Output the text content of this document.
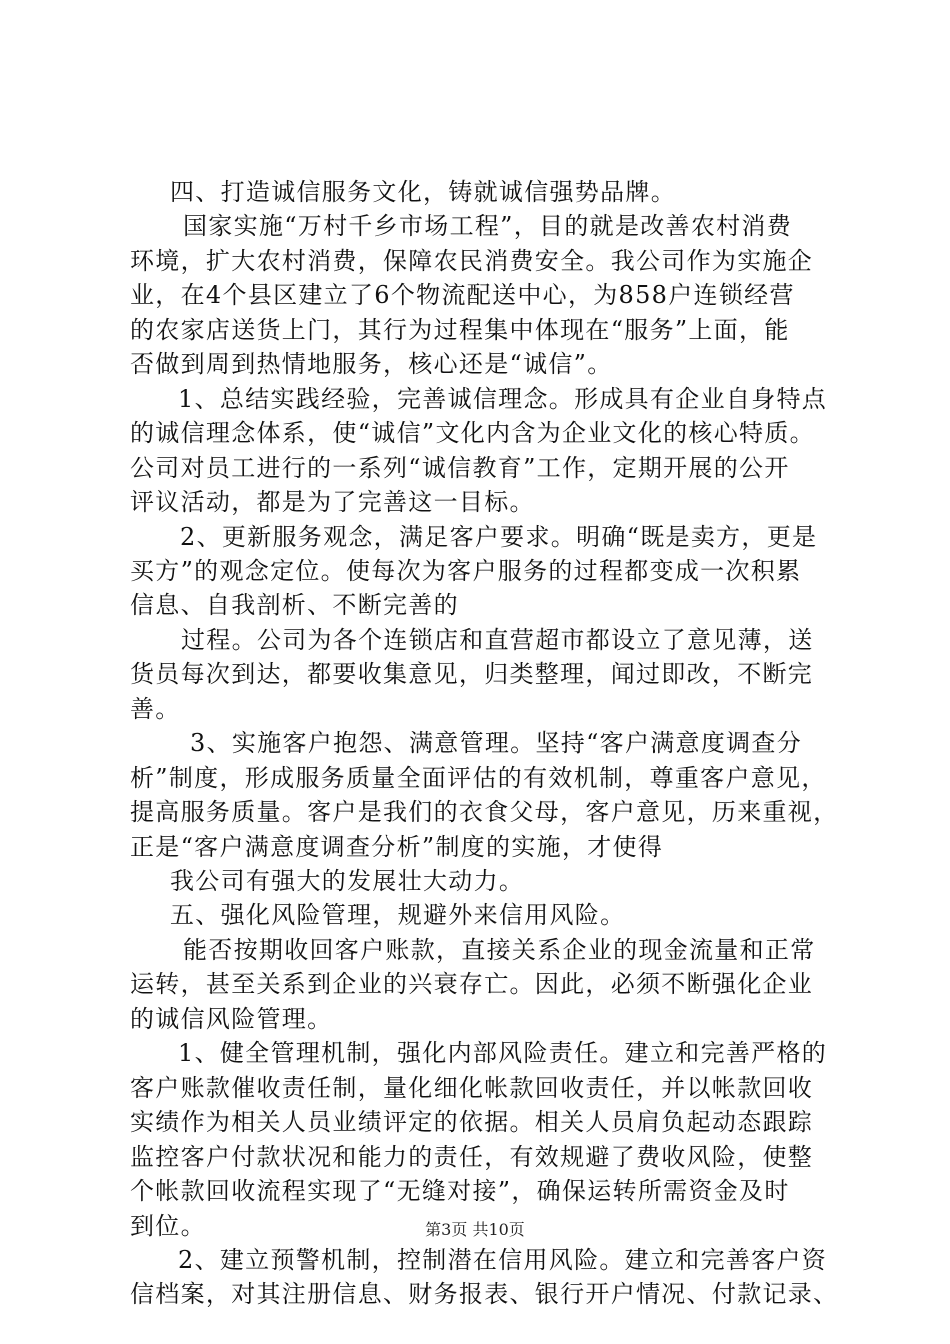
四、打造诚信服务文化，铸就诚信强势品牌。
国家实施“万村千乡市场工程”，目的就是改善农村消费
环境，扩大农村消费，保障农民消费安全。我公司作为实施企
业，在4个县区建立了6个物流配送中心，为858户连锁经营
的农家店送货上门，其行为过程集中体现在“服务”上面，能
否做到周到热情地服务，核心还是“诚信”。
1、总结实践经验，完善诚信理念。形成具有企业自身特点
的诚信理念体系，使“诚信”文化内含为企业文化的核心特质。
公司对员工进行的一系列“诚信教育”工作，定期开展的公开
评议活动，都是为了完善这一目标。
2、更新服务观念，满足客户要求。明确“既是卖方，更是
买方”的观念定位。使每次为客户服务的过程都变成一次积累
信息、自我剖析、不断完善的
过程。公司为各个连锁店和直营超市都设立了意见薄，送
货员每次到达，都要收集意见，归类整理，闻过即改，不断完
善。
3、实施客户抱怨、满意管理。坚持“客户满意度调查分
析”制度，形成服务质量全面评估的有效机制，尊重客户意见，
提高服务质量。客户是我们的衣食父母，客户意见，历来重视，
正是“客户满意度调查分析”制度的实施，才使得
我公司有强大的发展壮大动力。
五、强化风险管理，规避外来信用风险。
能否按期收回客户账款，直接关系企业的现金流量和正常
运转，甚至关系到企业的兴衰存亡。因此，必须不断强化企业
的诚信风险管理。
1、健全管理机制，强化内部风险责任。建立和完善严格的
客户账款催收责任制，量化细化帐款回收责任，并以帐款回收
实绩作为相关人员业绩评定的依据。相关人员肩负起动态跟踪
监控客户付款状况和能力的责任，有效规避了费收风险，使整
个帐款回收流程实现了“无缝对接”，确保运转所需资金及时
到位。
2、建立预警机制，控制潜在信用风险。建立和完善客户资
信档案，对其注册信息、财务报表、银行开户情况、付款记录、
第3页 共10页
